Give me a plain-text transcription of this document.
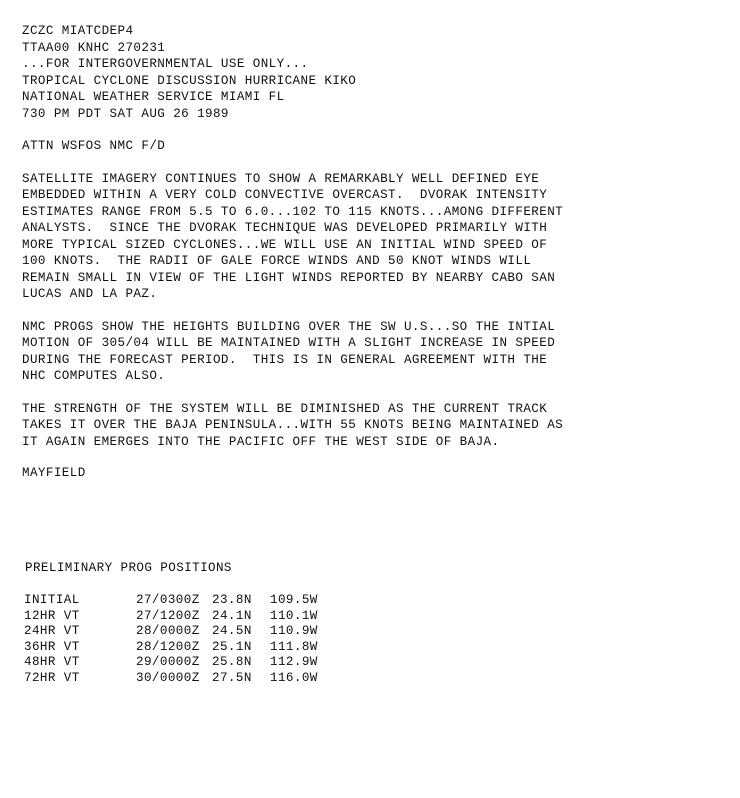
ZCZC MIATCDEP4
TTAA00 KNHC 270231
...FOR INTERGOVERNMENTAL USE ONLY...
TROPICAL CYCLONE DISCUSSION HURRICANE KIKO
NATIONAL WEATHER SERVICE MIAMI FL
730 PM PDT SAT AUG 26 1989
ATTN WSFOS NMC F/D

SATELLITE IMAGERY CONTINUES TO SHOW A REMARKABLY WELL DEFINED EYE
EMBEDDED WITHIN A VERY COLD CONVECTIVE OVERCAST.  DVORAK INTENSITY
ESTIMATES RANGE FROM 5.5 TO 6.0...102 TO 115 KNOTS...AMONG DIFFERENT
ANALYSTS.  SINCE THE DVORAK TECHNIQUE WAS DEVELOPED PRIMARILY WITH
MORE TYPICAL SIZED CYCLONES...WE WILL USE AN INITIAL WIND SPEED OF
100 KNOTS.  THE RADII OF GALE FORCE WINDS AND 50 KNOT WINDS WILL
REMAIN SMALL IN VIEW OF THE LIGHT WINDS REPORTED BY NEARBY CABO SAN
LUCAS AND LA PAZ.

NMC PROGS SHOW THE HEIGHTS BUILDING OVER THE SW U.S...SO THE INTIAL
MOTION OF 305/04 WILL BE MAINTAINED WITH A SLIGHT INCREASE IN SPEED
DURING THE FORECAST PERIOD.  THIS IS IN GENERAL AGREEMENT WITH THE
NHC COMPUTES ALSO.

THE STRENGTH OF THE SYSTEM WILL BE DIMINISHED AS THE CURRENT TRACK
TAKES IT OVER THE BAJA PENINSULA...WITH 55 KNOTS BEING MAINTAINED AS
IT AGAIN EMERGES INTO THE PACIFIC OFF THE WEST SIDE OF BAJA.

MAYFIELD
PRELIMINARY PROG POSITIONS
INITIAL	27/0300Z	23.8N	109.5W
12HR VT	27/1200Z	24.1N	110.1W
24HR VT	28/0000Z	24.5N	110.9W
36HR VT	28/1200Z	25.1N	111.8W
48HR VT	29/0000Z	25.8N	112.9W
72HR VT	30/0000Z	27.5N	116.0W
